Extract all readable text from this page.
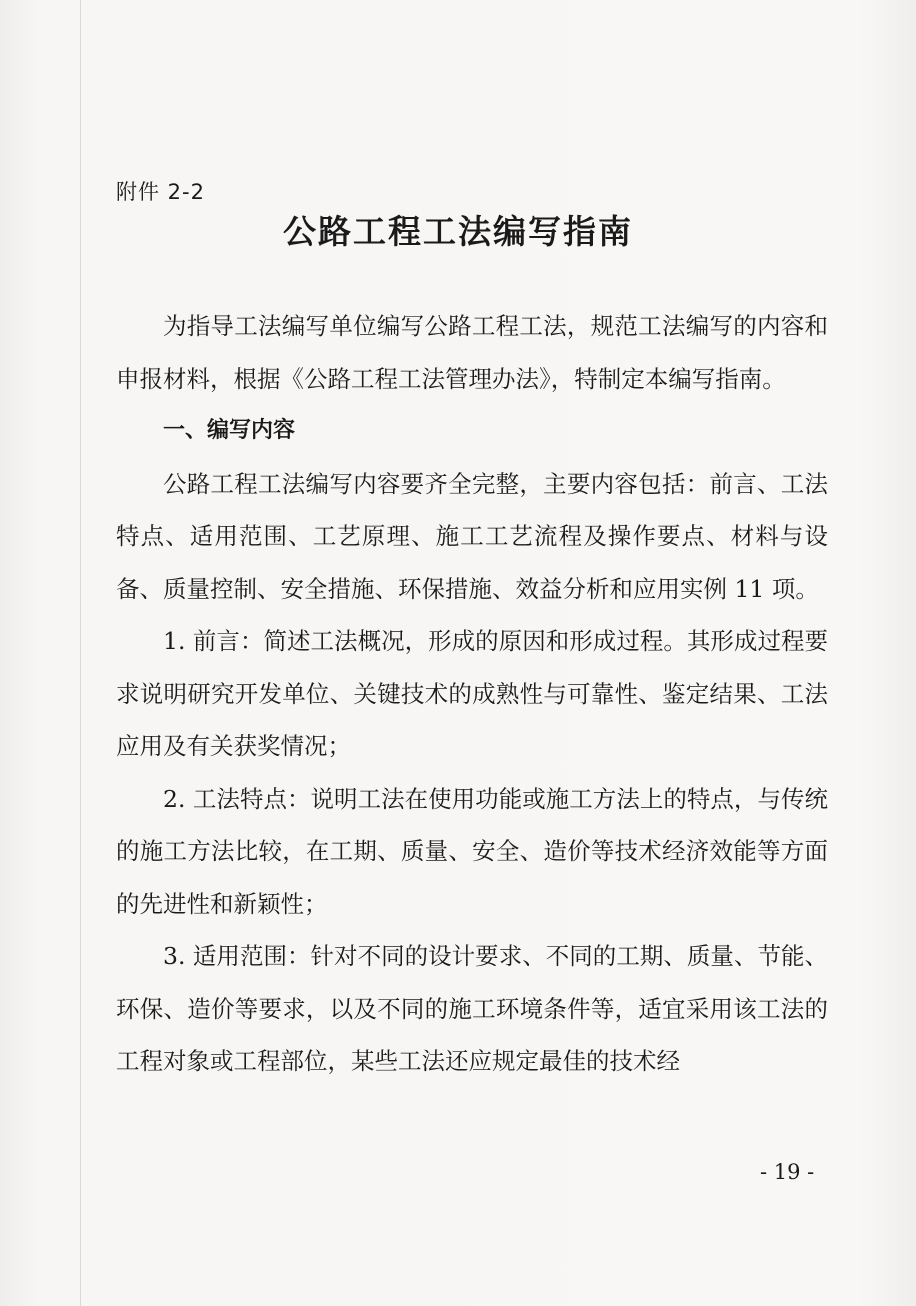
附件 2-2
公路工程工法编写指南

为指导工法编写单位编写公路工程工法，规范工法编写的内容和申报材料，根据《公路工程工法管理办法》，特制定本编写指南。

一、编写内容

公路工程工法编写内容要齐全完整，主要内容包括：前言、工法特点、适用范围、工艺原理、施工工艺流程及操作要点、材料与设备、质量控制、安全措施、环保措施、效益分析和应用实例 11 项。

1. 前言：简述工法概况，形成的原因和形成过程。其形成过程要求说明研究开发单位、关键技术的成熟性与可靠性、鉴定结果、工法应用及有关获奖情况；

2. 工法特点：说明工法在使用功能或施工方法上的特点，与传统的施工方法比较，在工期、质量、安全、造价等技术经济效能等方面的先进性和新颖性；

3. 适用范围：针对不同的设计要求、不同的工期、质量、节能、环保、造价等要求，以及不同的施工环境条件等，适宜采用该工法的工程对象或工程部位，某些工法还应规定最佳的技术经

- 19 -
